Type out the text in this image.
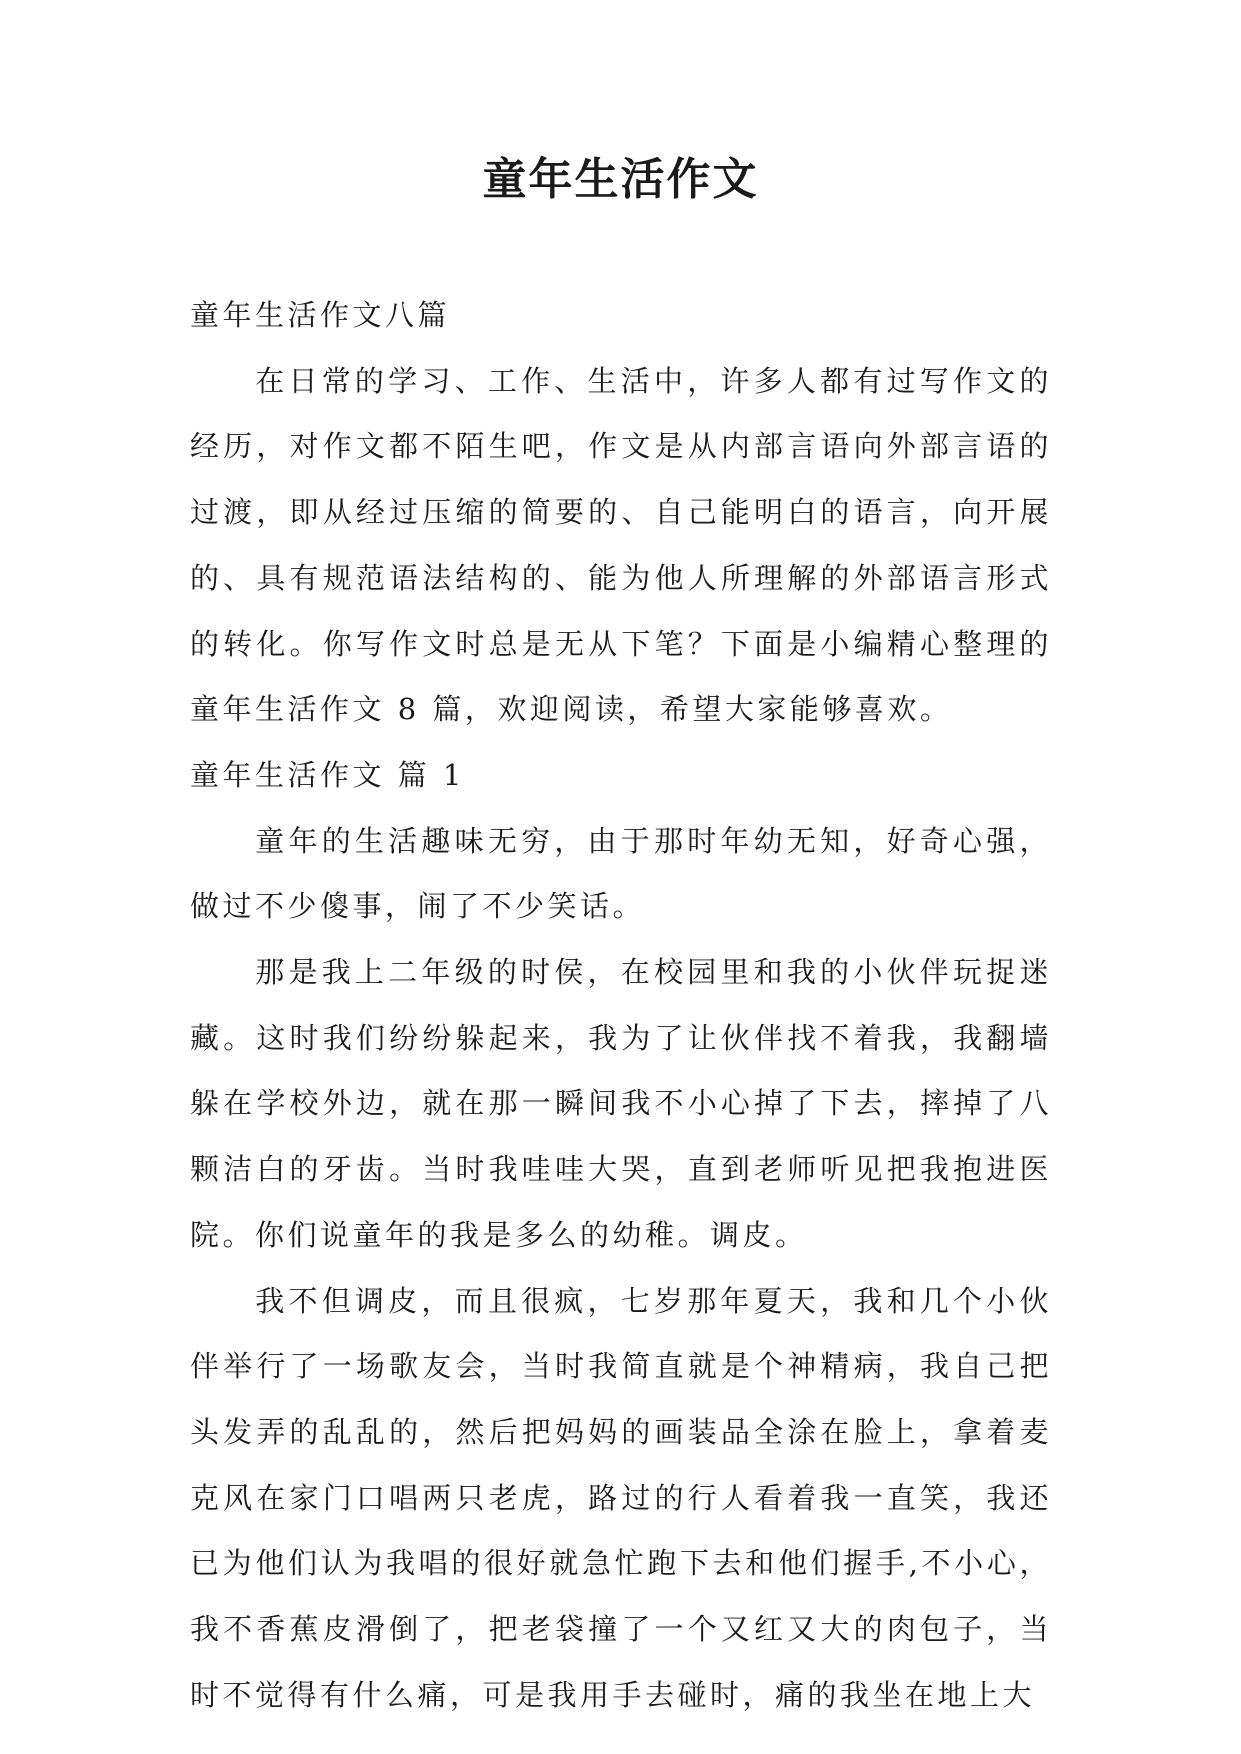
童年生活作文

童年生活作文八篇

在日常的学习、工作、生活中，许多人都有过写作文的经历，对作文都不陌生吧，作文是从内部言语向外部言语的过渡，即从经过压缩的简要的、自己能明白的语言，向开展的、具有规范语法结构的、能为他人所理解的外部语言形式的转化。你写作文时总是无从下笔？下面是小编精心整理的童年生活作文 8 篇，欢迎阅读，希望大家能够喜欢。

童年生活作文 篇 1

童年的生活趣味无穷，由于那时年幼无知，好奇心强，做过不少傻事，闹了不少笑话。

那是我上二年级的时侯，在校园里和我的小伙伴玩捉迷藏。这时我们纷纷躲起来，我为了让伙伴找不着我，我翻墙躲在学校外边，就在那一瞬间我不小心掉了下去，摔掉了八颗洁白的牙齿。当时我哇哇大哭，直到老师听见把我抱进医院。你们说童年的我是多么的幼稚。调皮。

我不但调皮，而且很疯，七岁那年夏天，我和几个小伙伴举行了一场歌友会，当时我简直就是个神精病，我自己把头发弄的乱乱的，然后把妈妈的画装品全涂在脸上，拿着麦克风在家门口唱两只老虎，路过的行人看着我一直笑，我还已为他们认为我唱的很好就急忙跑下去和他们握手,不小心，我不香蕉皮滑倒了，把老袋撞了一个又红又大的肉包子，当时不觉得有什么痛，可是我用手去碰时，痛的我坐在地上大
